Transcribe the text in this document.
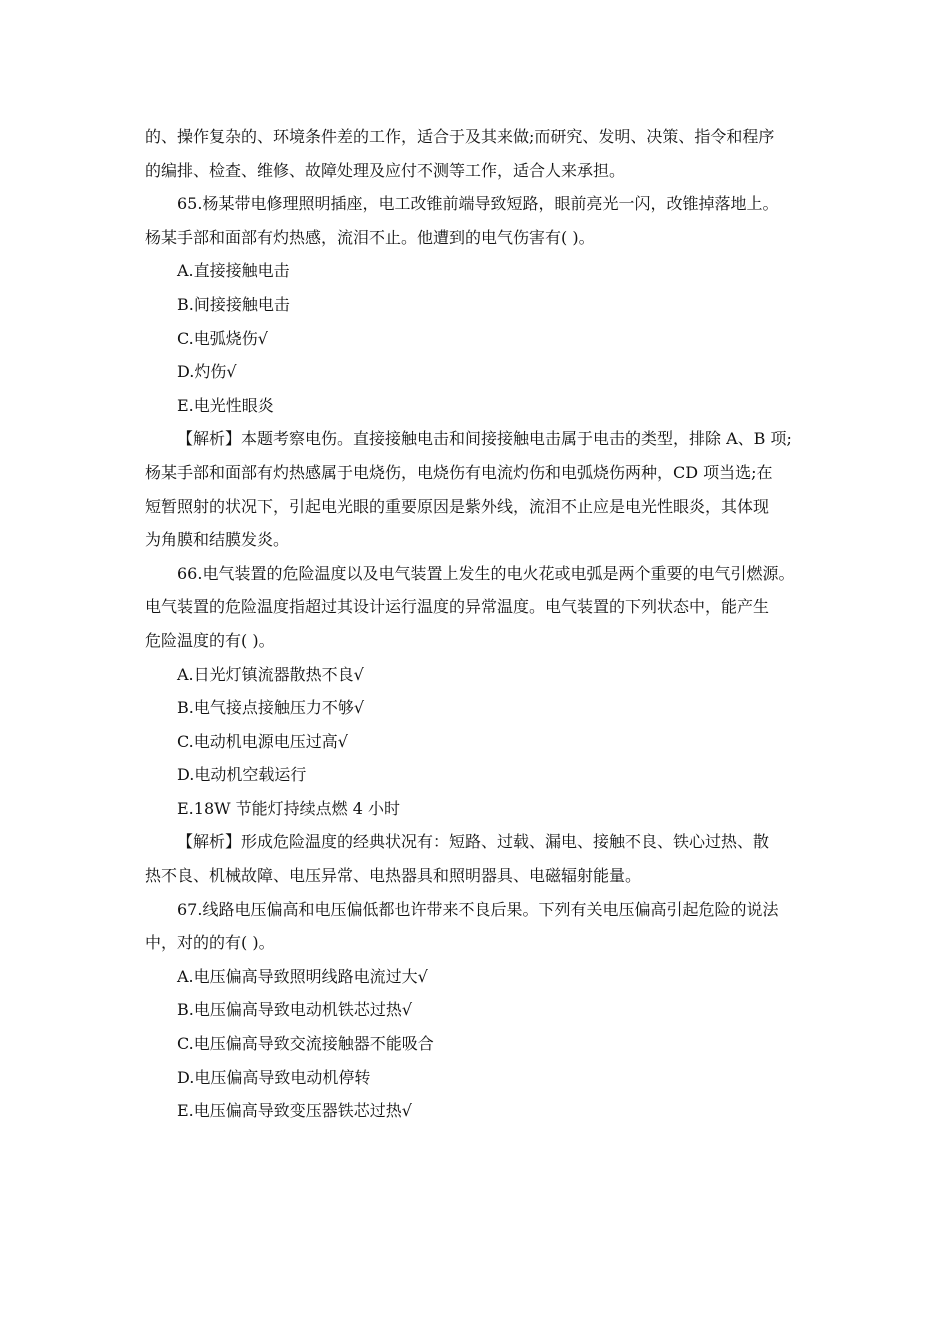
的、操作复杂的、环境条件差的工作，适合于及其来做;而研究、发明、决策、指令和程序

的编排、检查、维修、故障处理及应付不测等工作，适合人来承担。

65.杨某带电修理照明插座，电工改锥前端导致短路，眼前亮光一闪，改锥掉落地上。

杨某手部和面部有灼热感，流泪不止。他遭到的电气伤害有( )。

A.直接接触电击

B.间接接触电击

C.电弧烧伤√

D.灼伤√

E.电光性眼炎

【解析】本题考察电伤。直接接触电击和间接接触电击属于电击的类型，排除 A、B 项;

杨某手部和面部有灼热感属于电烧伤，电烧伤有电流灼伤和电弧烧伤两种，CD 项当选;在

短暂照射的状况下，引起电光眼的重要原因是紫外线，流泪不止应是电光性眼炎，其体现

为角膜和结膜发炎。

66.电气装置的危险温度以及电气装置上发生的电火花或电弧是两个重要的电气引燃源。

电气装置的危险温度指超过其设计运行温度的异常温度。电气装置的下列状态中，能产生

危险温度的有( )。

A.日光灯镇流器散热不良√

B.电气接点接触压力不够√

C.电动机电源电压过高√

D.电动机空载运行

E.18W 节能灯持续点燃 4 小时

【解析】形成危险温度的经典状况有：短路、过载、漏电、接触不良、铁心过热、散

热不良、机械故障、电压异常、电热器具和照明器具、电磁辐射能量。

67.线路电压偏高和电压偏低都也许带来不良后果。下列有关电压偏高引起危险的说法

中，对的的有( )。

A.电压偏高导致照明线路电流过大√

B.电压偏高导致电动机铁芯过热√

C.电压偏高导致交流接触器不能吸合

D.电压偏高导致电动机停转

E.电压偏高导致变压器铁芯过热√
